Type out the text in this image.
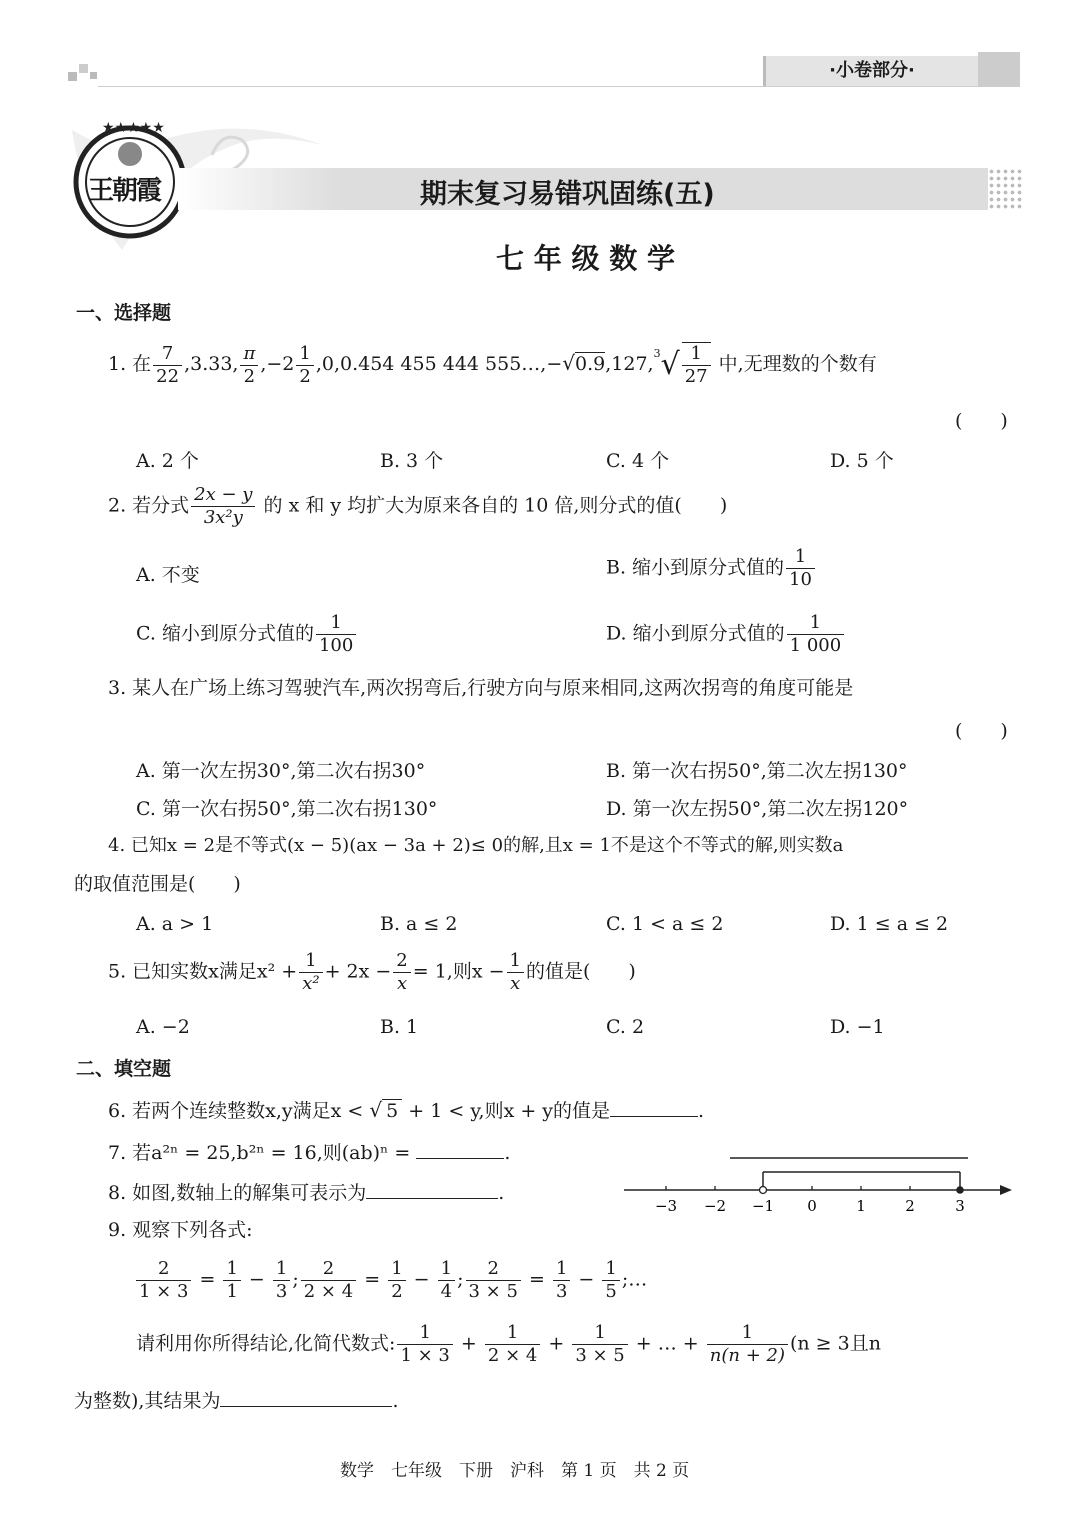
·小卷部分·
★★★★★
王朝霞	期末复习易错巩固练(五)
七 年 级 数 学
一、选择题
1. 在 $\frac{7}{22} ,3.33$, $\frac{\pi}{2} ,-2 \frac{1}{2} ,0,0.454$ 455 444 555…,−√0.9,127,$^3$√ $\frac{1}{27}$ 中,无理数的个数有
(　　)
A. 2 个	B. 3 个	C. 4 个	D. 5 个
2. 若分式 $\frac{2x - y}{\text{3x²y}}$ 的 x 和 y 均扩大为原来各自的 10 倍,则分式的值(　　)
A. 不变	B. 缩小到原分式值的 $\frac{1}{10}$
C. 缩小到原分式值的 $\frac{1}{100}$	D. 缩小到原分式值的 $\frac{1}{1 000}$
3. 某人在广场上练习驾驶汽车,两次拐弯后,行驶方向与原来相同,这两次拐弯的角度可能是
(　　)
A. 第一次左拐30°,第二次右拐30°	B. 第一次右拐50°,第二次左拐130°
C. 第一次右拐50°,第二次右拐130°	D. 第一次左拐50°,第二次左拐120°
4. 已知x = 2是不等式(x − 5)(ax − 3a + 2)≤ 0的解,且x = 1不是这个不等式的解,则实数a
的取值范围是(　　)
A. a > 1	B. a ≤ 2	C. 1 < a ≤ 2	D. 1 ≤ a ≤ 2
5. 已知实数x满足$x^2 + \frac{1}{\text{x²}} + 2x - \frac{2}{x} = 1$,则$x - \frac{1}{x}$ 的值是(　　)
A. −2	B. 1	C. 2	D. −1
二、填空题
6. 若两个连续整数x,y满足x < √ 5 + 1 < y,则x + y的值是	.
7. 若a²ⁿ = 25,b²ⁿ = 16,则(ab)ⁿ =	.
8. 如图,数轴上的解集可表示为	.
−3 −2 −1 0	1	2	3
9. 观察下列各式:
$\frac{2}{1 \times 3} = \frac{1}{1} - \frac{1}{3}$ ; $\frac{2}{2 \times 4} = \frac{1}{2} - \frac{1}{4}$ ; $\frac{2}{3 \times 5} = \frac{1}{3} - \frac{1}{5}$ ;…
请利用你所得结论,化简代数式: $\frac{1}{1 \times 3} + \frac{1}{2 \times 4} + \frac{1}{3 \times 5}$ + … + $\frac{1}{n(n + 2)} (n \ge 3$且n
为整数),其结果为	.
数学　七年级　下册　沪科　第 1 页　共 2 页
